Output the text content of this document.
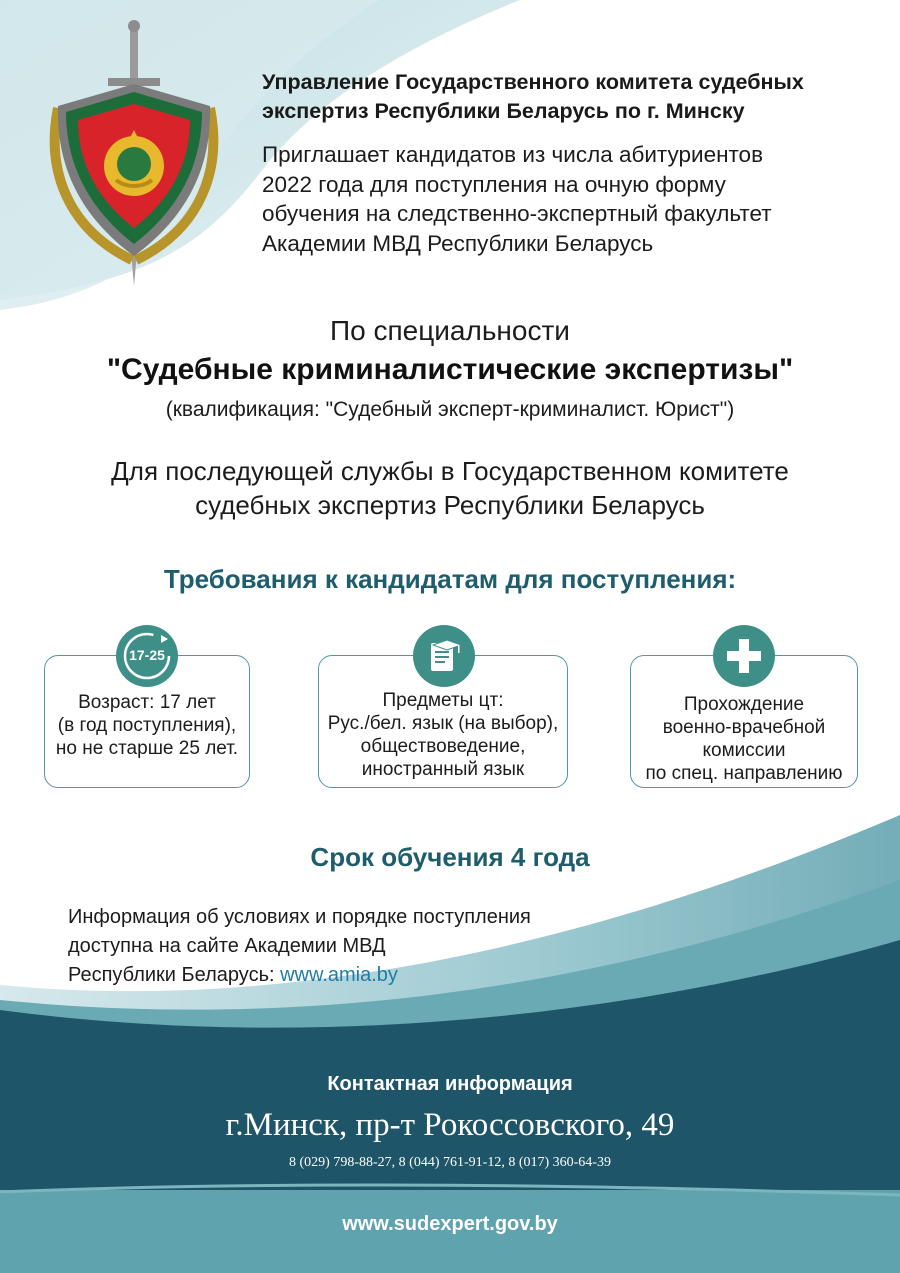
Управление Государственного комитета судебных
экспертиз Республики Беларусь по г. Минску
Приглашает кандидатов из числа абитуриентов
2022 года для поступления на очную форму
обучения на следственно-экспертный факультет
Академии МВД Республики Беларусь
По специальности
"Судебные криминалистические экспертизы"
(квалификация: "Судебный эксперт-криминалист. Юрист")
Для последующей службы в Государственном комитете
судебных экспертиз Республики Беларусь
Требования к кандидатам для поступления:
Возраст: 17 лет
(в год поступления),
но не старше 25 лет.
17-25
Предметы цт:
Рус./бел. язык (на выбор),
обществоведение,
иностранный язык
Прохождение
военно-врачебной
комиссии
по спец. направлению
Срок обучения 4 года
Информация об условиях и порядке поступления
доступна на сайте Академии МВД
Республики Беларусь: www.amia.by
Контактная информация
г.Минск, пр-т Рокоссовского, 49
8 (029) 798-88-27, 8 (044) 761-91-12, 8 (017) 360-64-39
www.sudexpert.gov.by
